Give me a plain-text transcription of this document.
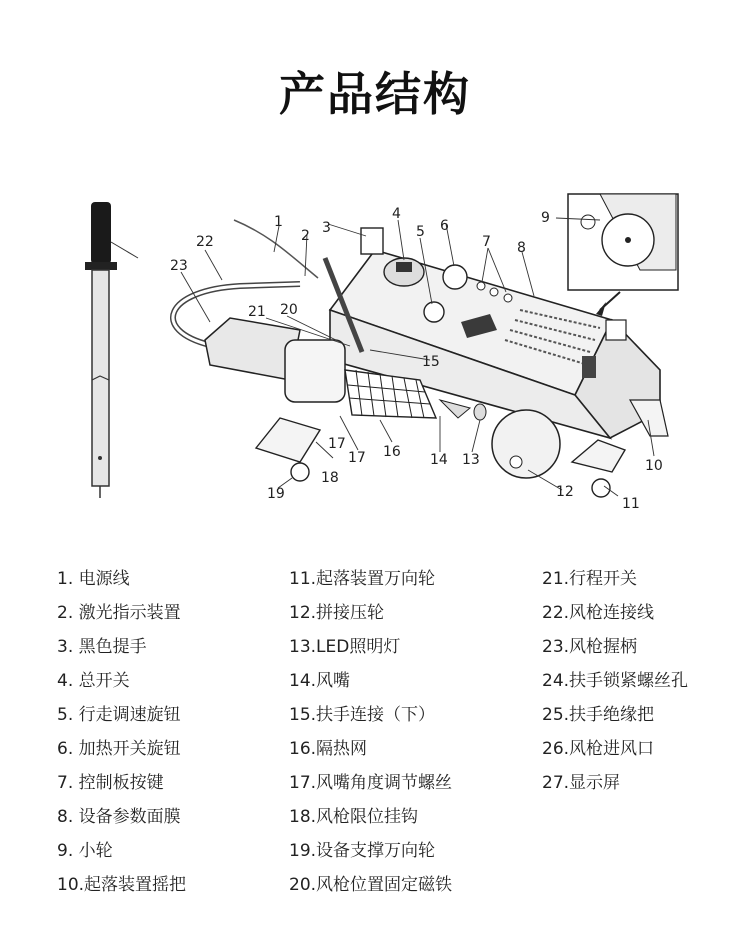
产品结构
1
2 3
4
5 6
7 8
9
10
11
12
13
14
15
16
17
17
18
19
20
21
22
23
1. 电源线
2. 激光指示装置
3. 黑色提手
4. 总开关
5. 行走调速旋钮
6. 加热开关旋钮
7. 控制板按键
8. 设备参数面膜
9. 小轮
10.起落装置摇把
11.起落装置万向轮
12.拼接压轮
13.LED照明灯
14.风嘴
15.扶手连接（下）
16.隔热网
17.风嘴角度调节螺丝
18.风枪限位挂钩
19.设备支撑万向轮
20.风枪位置固定磁铁
21.行程开关
22.风枪连接线
23.风枪握柄
24.扶手锁紧螺丝孔
25.扶手绝缘把
26.风枪进风口
27.显示屏
